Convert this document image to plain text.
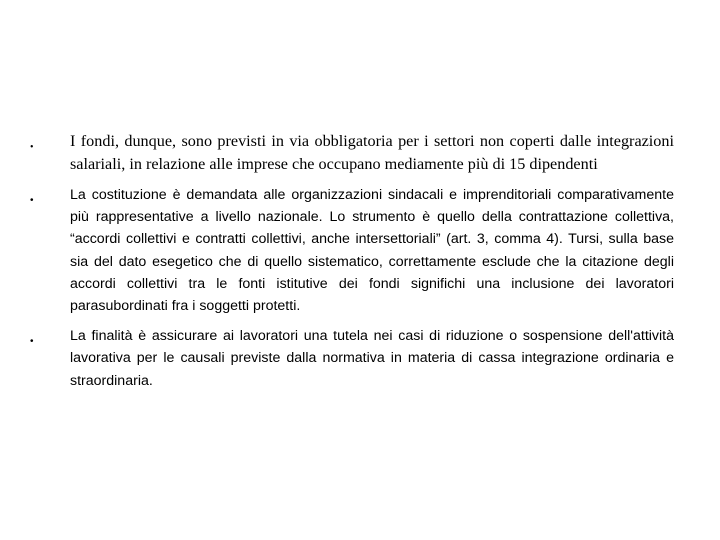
•	I fondi, dunque, sono previsti in via obbligatoria per i settori non coperti dalle integrazioni salariali, in relazione alle imprese che occupano mediamente più di 15 dipendenti
•	La costituzione è demandata alle organizzazioni sindacali e imprenditoriali comparativamente più rappresentative a livello nazionale. Lo strumento è quello della contrattazione collettiva, “accordi collettivi e contratti collettivi, anche intersettoriali” (art. 3, comma 4). Tursi, sulla base sia del dato esegetico che di quello sistematico, correttamente esclude che la citazione degli accordi collettivi tra le fonti istitutive dei fondi significhi una inclusione dei lavoratori parasubordinati fra i soggetti protetti.
•	La finalità è assicurare ai lavoratori una tutela nei casi di riduzione o sospensione dell'attività lavorativa per le causali previste dalla normativa in materia di cassa integrazione ordinaria e straordinaria.
